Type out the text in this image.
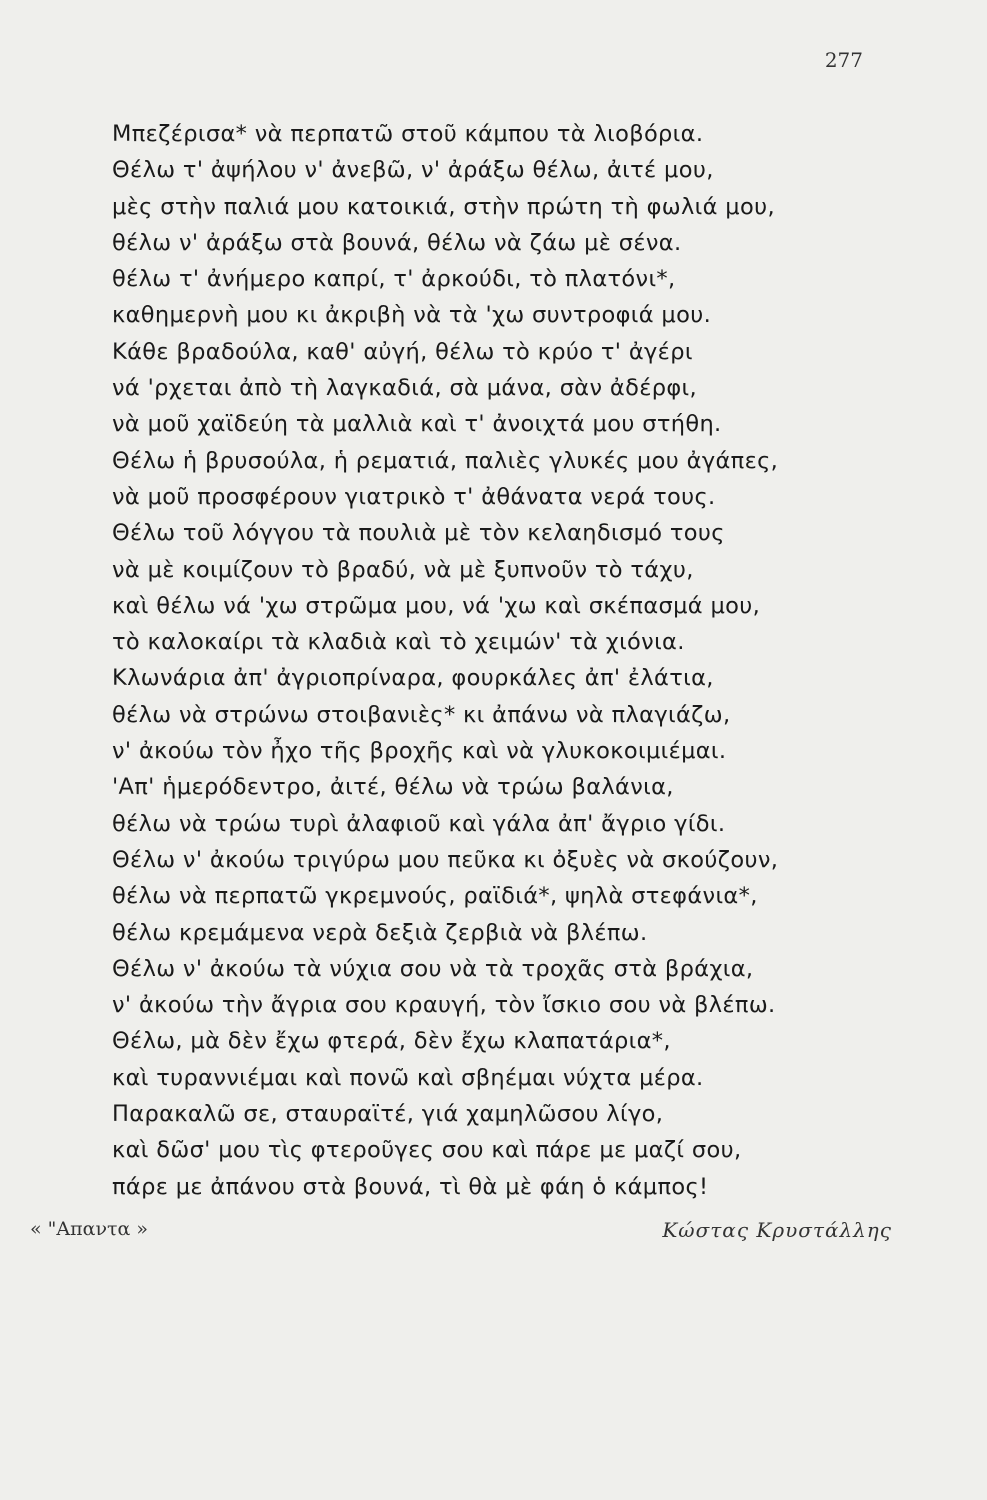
277
Μπεζέρισα* νὰ περπατῶ στοῦ κάμπου τὰ λιοβόρια.
Θέλω τ' ἀψήλου ν' ἀνεβῶ, ν' ἀράξω θέλω, ἀιτέ μου,
μὲς στὴν παλιά μου κατοικιά, στὴν πρώτη τὴ φωλιά μου,
θέλω ν' ἀράξω στὰ βουνά, θέλω νὰ ζάω μὲ σένα.
θέλω τ' ἀνήμερο καπρί, τ' ἀρκούδι, τὸ πλατόνι*,
καθημερνὴ μου κι ἀκριβὴ νὰ τὰ 'χω συντροφιά μου.
Κάθε βραδούλα, καθ' αὐγή, θέλω τὸ κρύο τ' ἀγέρι
νά 'ρχεται ἀπὸ τὴ λαγκαδιά, σὰ μάνα, σὰν ἀδέρφι,
νὰ μοῦ χαϊδεύη τὰ μαλλιὰ καὶ τ' ἀνοιχτά μου στήθη.
Θέλω ἡ βρυσούλα, ἡ ρεματιά, παλιὲς γλυκές μου ἀγάπες,
νὰ μοῦ προσφέρουν γιατρικὸ τ' ἀθάνατα νερά τους.
Θέλω τοῦ λόγγου τὰ πουλιὰ μὲ τὸν κελαηδισμό τους
νὰ μὲ κοιμίζουν τὸ βραδύ, νὰ μὲ ξυπνοῦν τὸ τάχυ,
καὶ θέλω νά 'χω στρῶμα μου, νά 'χω καὶ σκέπασμά μου,
τὸ καλοκαίρι τὰ κλαδιὰ καὶ τὸ χειμών' τὰ χιόνια.
Κλωνάρια ἀπ' ἀγριοπρίναρα, φουρκάλες ἀπ' ἐλάτια,
θέλω νὰ στρώνω στοιβανιὲς* κι ἀπάνω νὰ πλαγιάζω,
ν' ἀκούω τὸν ἦχο τῆς βροχῆς καὶ νὰ γλυκοκοιμιέμαι.
'Απ' ἡμερόδεντρο, ἀιτέ, θέλω νὰ τρώω βαλάνια,
θέλω νὰ τρώω τυρὶ ἀλαφιοῦ καὶ γάλα ἀπ' ἄγριο γίδι.
Θέλω ν' ἀκούω τριγύρω μου πεῦκα κι ὀξυὲς νὰ σκούζουν,
θέλω νὰ περπατῶ γκρεμνούς, ραϊδιά*, ψηλὰ στεφάνια*,
θέλω κρεμάμενα νερὰ δεξιὰ ζερβιὰ νὰ βλέπω.
Θέλω ν' ἀκούω τὰ νύχια σου νὰ τὰ τροχᾶς στὰ βράχια,
ν' ἀκούω τὴν ἄγρια σου κραυγή, τὸν ἴσκιο σου νὰ βλέπω.
Θέλω, μὰ δὲν ἔχω φτερά, δὲν ἔχω κλαπατάρια*,
καὶ τυραννιέμαι καὶ πονῶ καὶ σβηέμαι νύχτα μέρα.
Παρακαλῶ σε, σταυραϊτέ, γιά χαμηλῶσου λίγο,
καὶ δῶσ' μου τὶς φτεροῦγες σου καὶ πάρε με μαζί σου,
πάρε με ἀπάνου στὰ βουνά, τὶ θὰ μὲ φάη ὁ κάμπος!
« "Απαντα »	Κώστας Κρυστάλλης
